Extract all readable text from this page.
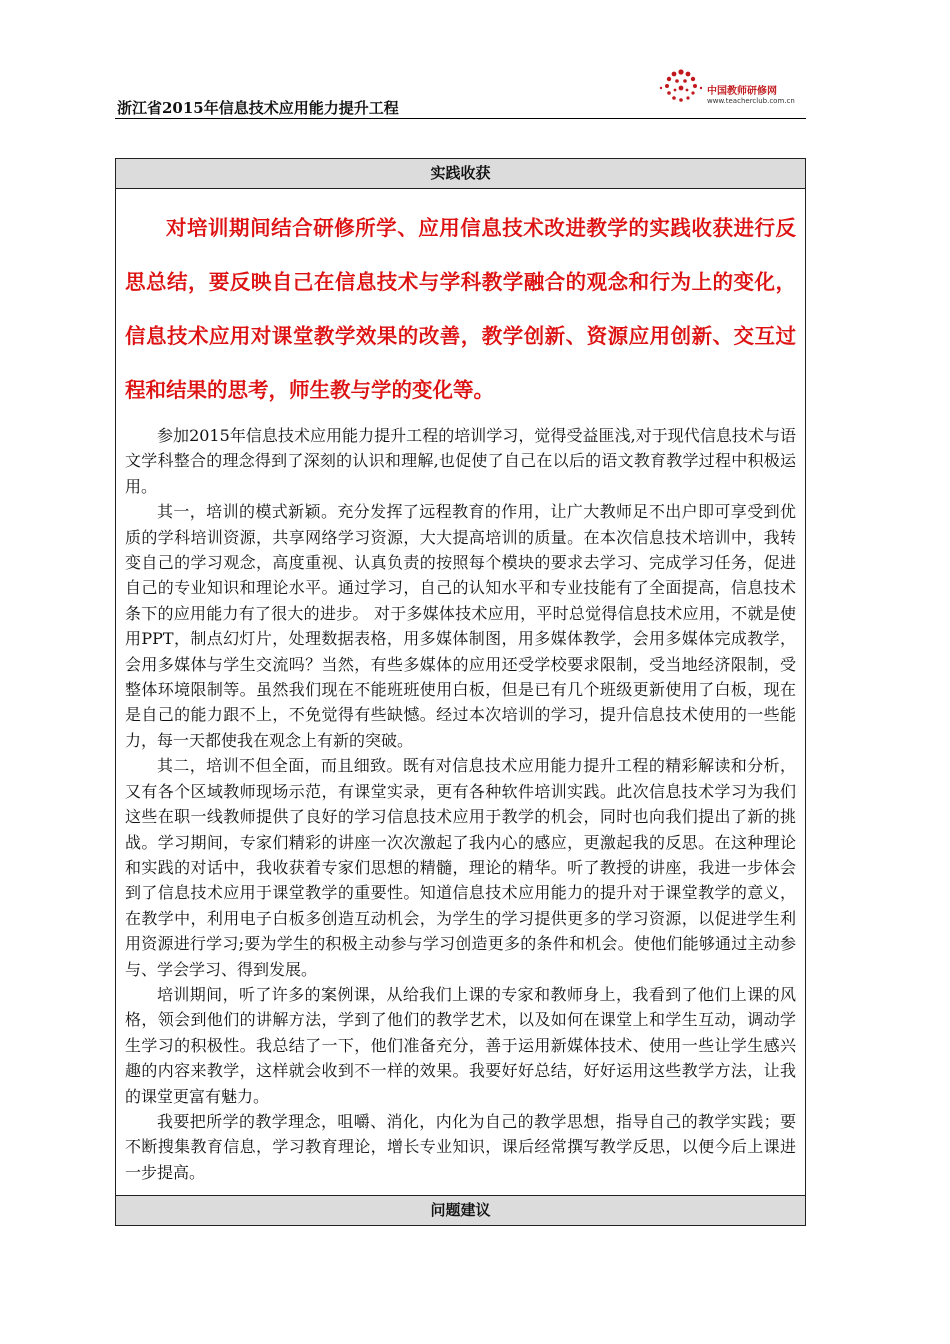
浙江省2015年信息技术应用能力提升工程
中国教师研修网
www.teacherclub.com.cn
实践收获

对培训期间结合研修所学、应用信息技术改进教学的实践收获进行反思总结，要反映自己在信息技术与学科教学融合的观念和行为上的变化，信息技术应用对课堂教学效果的改善，教学创新、资源应用创新、交互过程和结果的思考，师生教与学的变化等。

参加2015年信息技术应用能力提升工程的培训学习，觉得受益匪浅,对于现代信息技术与语文学科整合的理念得到了深刻的认识和理解,也促使了自己在以后的语文教育教学过程中积极运用。

其一，培训的模式新颖。充分发挥了远程教育的作用，让广大教师足不出户即可享受到优质的学科培训资源，共享网络学习资源，大大提高培训的质量。在本次信息技术培训中，我转变自己的学习观念，高度重视、认真负责的按照每个模块的要求去学习、完成学习任务，促进自己的专业知识和理论水平。通过学习，自己的认知水平和专业技能有了全面提高，信息技术条下的应用能力有了很大的进步。 对于多媒体技术应用，平时总觉得信息技术应用，不就是使用PPT，制点幻灯片，处理数据表格，用多媒体制图，用多媒体教学，会用多媒体完成教学，会用多媒体与学生交流吗？当然，有些多媒体的应用还受学校要求限制，受当地经济限制，受整体环境限制等。虽然我们现在不能班班使用白板，但是已有几个班级更新使用了白板，现在是自己的能力跟不上，不免觉得有些缺憾。经过本次培训的学习，提升信息技术使用的一些能力，每一天都使我在观念上有新的突破。

其二，培训不但全面，而且细致。既有对信息技术应用能力提升工程的精彩解读和分析，又有各个区域教师现场示范，有课堂实录，更有各种软件培训实践。此次信息技术学习为我们这些在职一线教师提供了良好的学习信息技术应用于教学的机会，同时也向我们提出了新的挑战。学习期间，专家们精彩的讲座一次次激起了我内心的感应，更激起我的反思。在这种理论和实践的对话中，我收获着专家们思想的精髓，理论的精华。听了教授的讲座，我进一步体会到了信息技术应用于课堂教学的重要性。知道信息技术应用能力的提升对于课堂教学的意义，在教学中，利用电子白板多创造互动机会，为学生的学习提供更多的学习资源，以促进学生利用资源进行学习;要为学生的积极主动参与学习创造更多的条件和机会。使他们能够通过主动参与、学会学习、得到发展。

培训期间，听了许多的案例课，从给我们上课的专家和教师身上，我看到了他们上课的风格，领会到他们的讲解方法，学到了他们的教学艺术，以及如何在课堂上和学生互动，调动学生学习的积极性。我总结了一下，他们准备充分，善于运用新媒体技术、使用一些让学生感兴趣的内容来教学，这样就会收到不一样的效果。我要好好总结，好好运用这些教学方法，让我的课堂更富有魅力。

我要把所学的教学理念，咀嚼、消化，内化为自己的教学思想，指导自己的教学实践；要不断搜集教育信息，学习教育理论，增长专业知识，课后经常撰写教学反思，以便今后上课进一步提高。

问题建议
